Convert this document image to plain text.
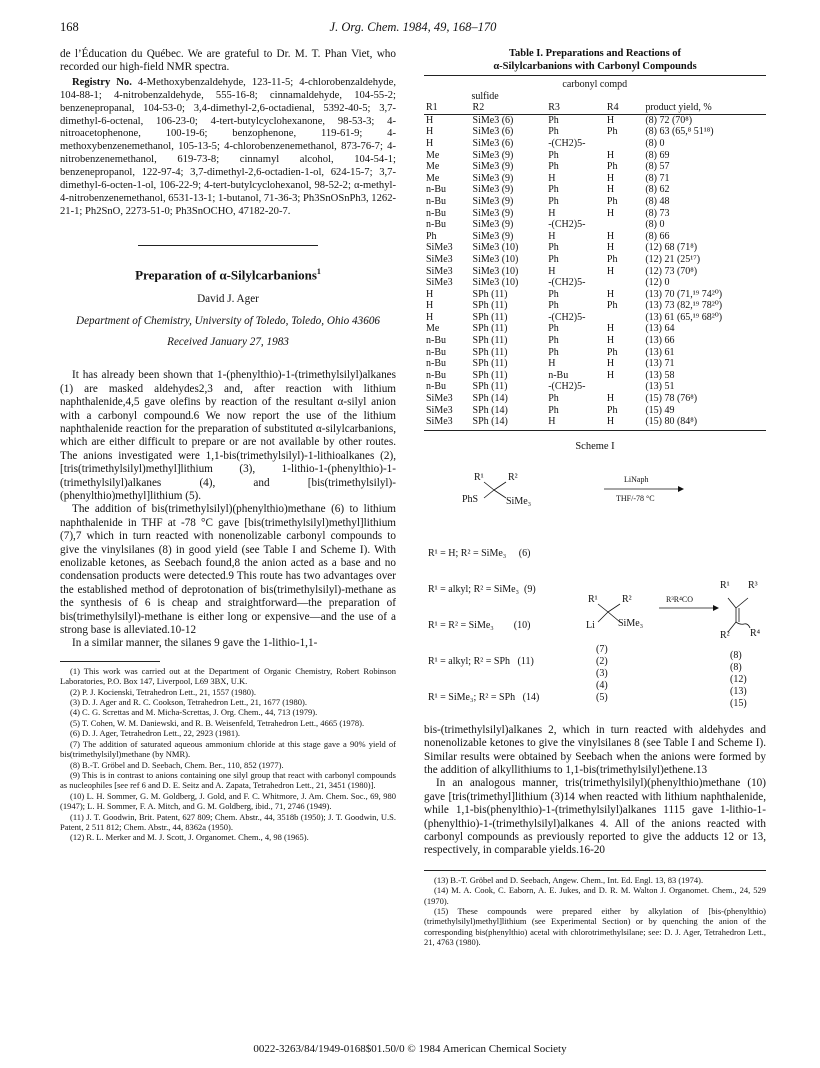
168	J. Org. Chem. 1984, 49, 168–170

de l’Éducation du Québec. We are grateful to Dr. M. T. Phan Viet, who recorded our high-field NMR spectra.

Registry No. 4-Methoxybenzaldehyde, 123-11-5; 4-chlorobenzaldehyde, 104-88-1; 4-nitrobenzaldehyde, 555-16-8; cinnamaldehyde, 104-55-2; benzenepropanal, 104-53-0; 3,4-dimethyl-2,6-octadienal, 5392-40-5; 3,7-dimethyl-6-octenal, 106-23-0; 4-tert-butylcyclohexanone, 98-53-3; 4-nitroacetophenone, 100-19-6; benzophenone, 119-61-9; 4-methoxybenzenemethanol, 105-13-5; 4-chlorobenzenemethanol, 873-76-7; 4-nitrobenzenemethanol, 619-73-8; cinnamyl alcohol, 104-54-1; benzenepropanol, 122-97-4; 3,7-dimethyl-2,6-octadien-1-ol, 624-15-7; 3,7-dimethyl-6-octen-1-ol, 106-22-9; 4-tert-butylcyclohexanol, 98-52-2; α-methyl-4-nitrobenzenemethanol, 6531-13-1; 1-butanol, 71-36-3; Ph3SnOSnPh3, 1262-21-1; Ph2SnO, 2273-51-0; Ph3SnOCHO, 47182-20-7.

Preparation of α-Silylcarbanions$^1$

David J. Ager

Department of Chemistry, University of Toledo, Toledo, Ohio 43606

Received January 27, 1983

It has already been shown that 1-(phenylthio)-1-(trimethylsilyl)alkanes (1) are masked aldehydes2,3 and, after reaction with lithium naphthalenide,4,5 gave olefins by reaction of the resultant α-silyl anion with a carbonyl compound.6 We now report the use of the lithium naphthalenide reaction for the preparation of substituted α-silylcarbanions, which are either difficult to prepare or are not available by other routes. The anions investigated were 1,1-bis(trimethylsilyl)-1-lithioalkanes (2), [tris(trimethylsilyl)methyl]lithium (3), 1-lithio-1-(phenylthio)-1-(trimethylsilyl)alkanes (4), and [bis(trimethylsilyl)-(phenylthio)methyl]lithium (5).

The addition of bis(trimethylsilyl)(phenylthio)methane (6) to lithium naphthalenide in THF at -78 °C gave [bis(trimethylsilyl)methyl]lithium (7),7 which in turn reacted with nonenolizable carbonyl compounds to give the vinylsilanes (8) in good yield (see Table I and Scheme I). With enolizable ketones, as Seebach found,8 the anion acted as a base and no condensation products were detected.9 This route has two advantages over the established method of deprotonation of bis(trimethylsilyl)-methane as the synthesis of 6 is cheap and straightforward—the preparation of bis(trimethylsilyl)-methane is either long or expensive—and the use of a strong base is alleviated.10-12

In a similar manner, the silanes 9 gave the 1-lithio-1,1-

(1) This work was carried out at the Department of Organic Chemistry, Robert Robinson Laboratories, P.O. Box 147, Liverpool, L69 3BX, U.K.

(2) P. J. Kocienski, Tetrahedron Lett., 21, 1557 (1980).

(3) D. J. Ager and R. C. Cookson, Tetrahedron Lett., 21, 1677 (1980).

(4) C. G. Screttas and M. Micha-Screttas, J. Org. Chem., 44, 713 (1979).

(5) T. Cohen, W. M. Daniewski, and R. B. Weisenfeld, Tetrahedron Lett., 4665 (1978).

(6) D. J. Ager, Tetrahedron Lett., 22, 2923 (1981).

(7) The addition of saturated aqueous ammonium chloride at this stage gave a 90% yield of bis(trimethylsilyl)methane (by NMR).

(8) B.-T. Gröbel and D. Seebach, Chem. Ber., 110, 852 (1977).

(9) This is in contrast to anions containing one silyl group that react with carbonyl compounds as nucleophiles [see ref 6 and D. E. Seitz and A. Zapata, Tetrahedron Lett., 21, 3451 (1980)].

(10) L. H. Sommer, G. M. Goldberg, J. Gold, and F. C. Whitmore, J. Am. Chem. Soc., 69, 980 (1947); L. H. Sommer, F. A. Mitch, and G. M. Goldberg, ibid., 71, 2746 (1949).

(11) J. T. Goodwin, Brit. Patent, 627 809; Chem. Abstr., 44, 3518b (1950); J. T. Goodwin, U.S. Patent, 2 511 812; Chem. Abstr., 44, 8362a (1950).

(12) R. L. Merker and M. J. Scott, J. Organomet. Chem., 4, 98 (1965).

Table I. Preparations and Reactions of
α-Silylcarbanions with Carbonyl Compounds

sulfide		carbonyl compd		
R1	R2	R3	R4	product yield, %
H	SiMe3 (6)	Ph	H	(8) 72 (70⁸)
H	SiMe3 (6)	Ph	Ph	(8) 63 (65,⁸ 51¹⁸)
H	SiMe3 (6)	-(CH2)5-		(8) 0
Me	SiMe3 (9)	Ph	H	(8) 69
Me	SiMe3 (9)	Ph	Ph	(8) 57
Me	SiMe3 (9)	H	H	(8) 71
n-Bu	SiMe3 (9)	Ph	H	(8) 62
n-Bu	SiMe3 (9)	Ph	Ph	(8) 48
n-Bu	SiMe3 (9)	H	H	(8) 73
n-Bu	SiMe3 (9)	-(CH2)5-		(8) 0
Ph	SiMe3 (9)	H	H	(8) 66
SiMe3	SiMe3 (10)	Ph	H	(12) 68 (71⁸)
SiMe3	SiMe3 (10)	Ph	Ph	(12) 21 (25¹⁷)
SiMe3	SiMe3 (10)	H	H	(12) 73 (70⁸)
SiMe3	SiMe3 (10)	-(CH2)5-		(12) 0
H	SPh (11)	Ph	H	(13) 70 (71,¹⁹ 74²⁰)
H	SPh (11)	Ph	Ph	(13) 73 (82,¹⁹ 78²⁰)
H	SPh (11)	-(CH2)5-		(13) 61 (65,¹⁹ 68²⁰)
Me	SPh (11)	Ph	H	(13) 64
n-Bu	SPh (11)	Ph	H	(13) 66
n-Bu	SPh (11)	Ph	Ph	(13) 61
n-Bu	SPh (11)	H	H	(13) 71
n-Bu	SPh (11)	n-Bu	H	(13) 58
n-Bu	SPh (11)	-(CH2)5-		(13) 51
SiMe3	SPh (14)	Ph	H	(15) 78 (76⁸)
SiMe3	SPh (14)	Ph	Ph	(15) 49
SiMe3	SPh (14)	H	H	(15) 80 (84⁸)

Scheme I

R¹ R²
PhS	SiMe₃
LiNaph
THF/-78 °C

R¹ = H; R² = SiMe₃     (6)

R¹ = alkyl; R² = SiMe₃  (9)

R¹ = R² = SiMe₃        (10)

R¹ = alkyl; R² = SPh   (11)

R¹ = SiMe₃; R² = SPh   (14)

R¹ R²
Li SiMe₃
R³R⁴CO
R¹ R³
R² R⁴
(7)
(2)
(3)
(4)
(5)
(8)
(8)
(12)
(13)
(15)

bis-(trimethylsilyl)alkanes 2, which in turn reacted with aldehydes and nonenolizable ketones to give the vinylsilanes 8 (see Table I and Scheme I). Similar results were obtained by Seebach when the anions were formed by the addition of alkyllithiums to 1,1-bis(trimethylsilyl)ethene.13

In an analogous manner, tris(trimethylsilyl)(phenylthio)methane (10) gave [tris(trimethyl]lithium (3)14 when reacted with lithium naphthalenide, while 1,1-bis(phenylthio)-1-(trimethylsilyl)alkanes 1115 gave 1-lithio-1-(phenylthio)-1-(trimethylsilyl)alkanes 4. All of the anions reacted with carbonyl compounds as previously reported to give the adducts 12 or 13, respectively, in comparable yields.16-20

(13) B.-T. Gröbel and D. Seebach, Angew. Chem., Int. Ed. Engl. 13, 83 (1974).

(14) M. A. Cook, C. Eaborn, A. E. Jukes, and D. R. M. Walton J. Organomet. Chem., 24, 529 (1970).

(15) These compounds were prepared either by alkylation of [bis-(phenylthio)(trimethylsilyl)methyl]lithium (see Experimental Section) or by quenching the anion of the corresponding bis(phenylthio) acetal with chlorotrimethylsilane; see: D. J. Ager, Tetrahedron Lett., 21, 4763 (1980).

0022-3263/84/1949-0168$01.50/0 © 1984 American Chemical Society
